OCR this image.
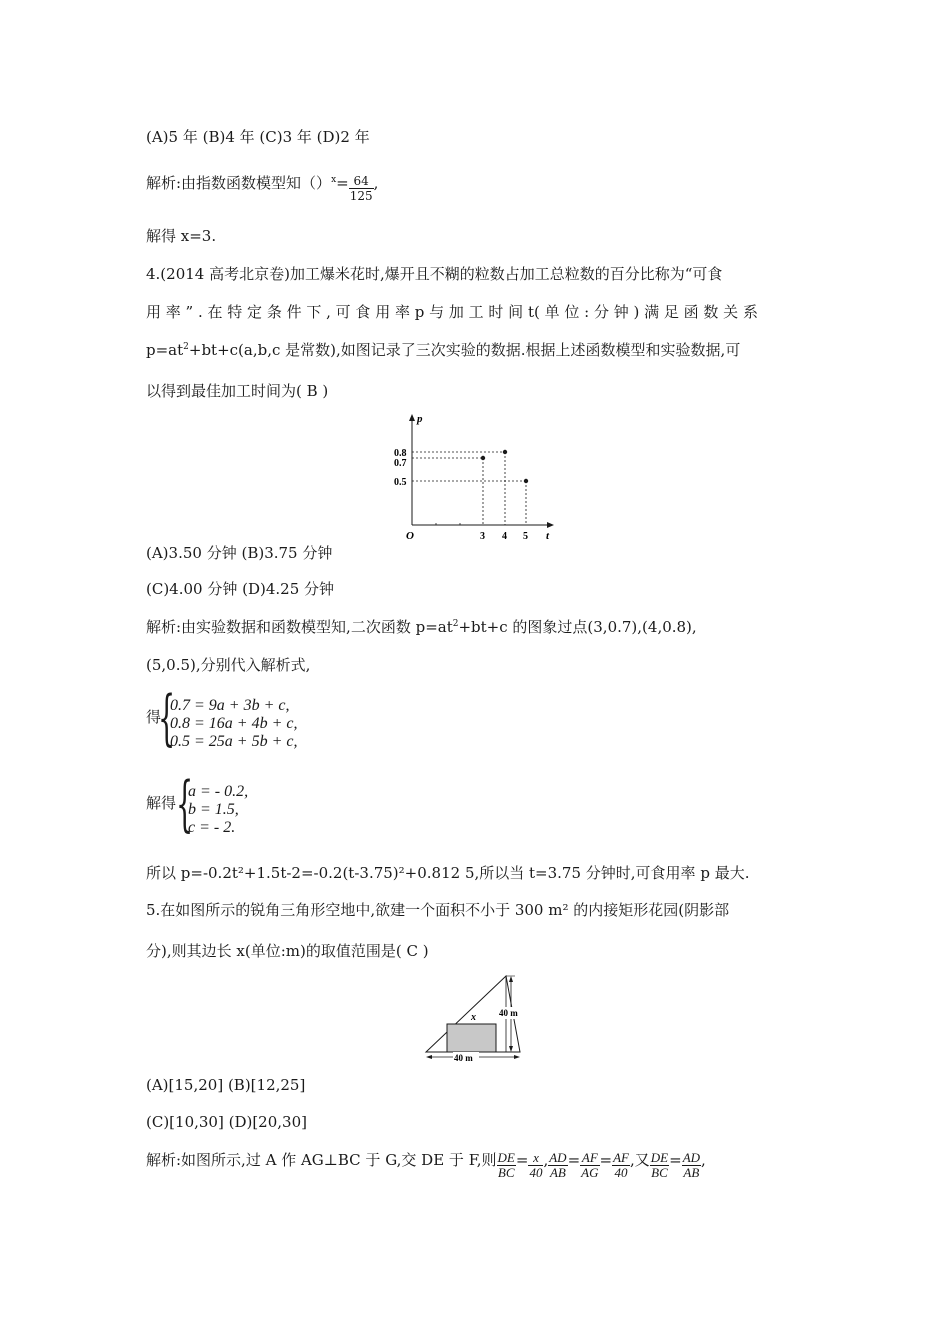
(A)5 年 (B)4 年 (C)3 年 (D)2 年
解析:由指数函数模型知$()^x= \frac{64}{125}$ ,
解得 x=3.
4.(2014 高考北京卷)加工爆米花时,爆开且不糊的粒数占加工总粒数的百分比称为“可食
用 率 ” . 在 特 定 条 件 下 , 可 食 用 率 p 与 加 工 时 间 t( 单 位 : 分 钟 ) 满 足 函 数 关 系
$p=at^2+bt+c(a,b,c$ 是常数),如图记录了三次实验的数据.根据上述函数模型和实验数据,可
以得到最佳加工时间为( B )
p
t
O	3 4 5
0.8
0.7
0.5
(A)3.50 分钟 (B)3.75 分钟
(C)4.00 分钟 (D)4.25 分钟
解析:由实验数据和函数模型知,二次函数 $p=at^2+bt+c$ 的图象过点(3,0.7),(4,0.8),
(5,0.5),分别代入解析式,
得
{
0.7 = 9a + 3b + c,
0.8 = 16a + 4b + c,
0.5 = 25a + 5b + c,
解得 {
a = - 0.2,
b = 1.5,
c = - 2.
所以 p=-0.2t²+1.5t-2=-0.2(t-3.75)²+0.812 5,所以当 t=3.75 分钟时,可食用率 p 最大.
5.在如图所示的锐角三角形空地中,欲建一个面积不小于 300 m² 的内接矩形花园(阴影部
分),则其边长 x(单位:m)的取值范围是( C )
x	40 m
40 m
(A)[15,20] (B)[12,25]
(C)[10,30] (D)[20,30]
解析:如图所示,过 A 作 AG⊥BC 于 G,交 DE 于 F,则 $\frac{DE}{BC} = \frac{x}{40}$ , $\frac{AD}{AB} = \frac{AF}{AG} = \frac{AF}{40}$ ,又 $\frac{DE}{BC} = \frac{AD}{AB}$ ,
